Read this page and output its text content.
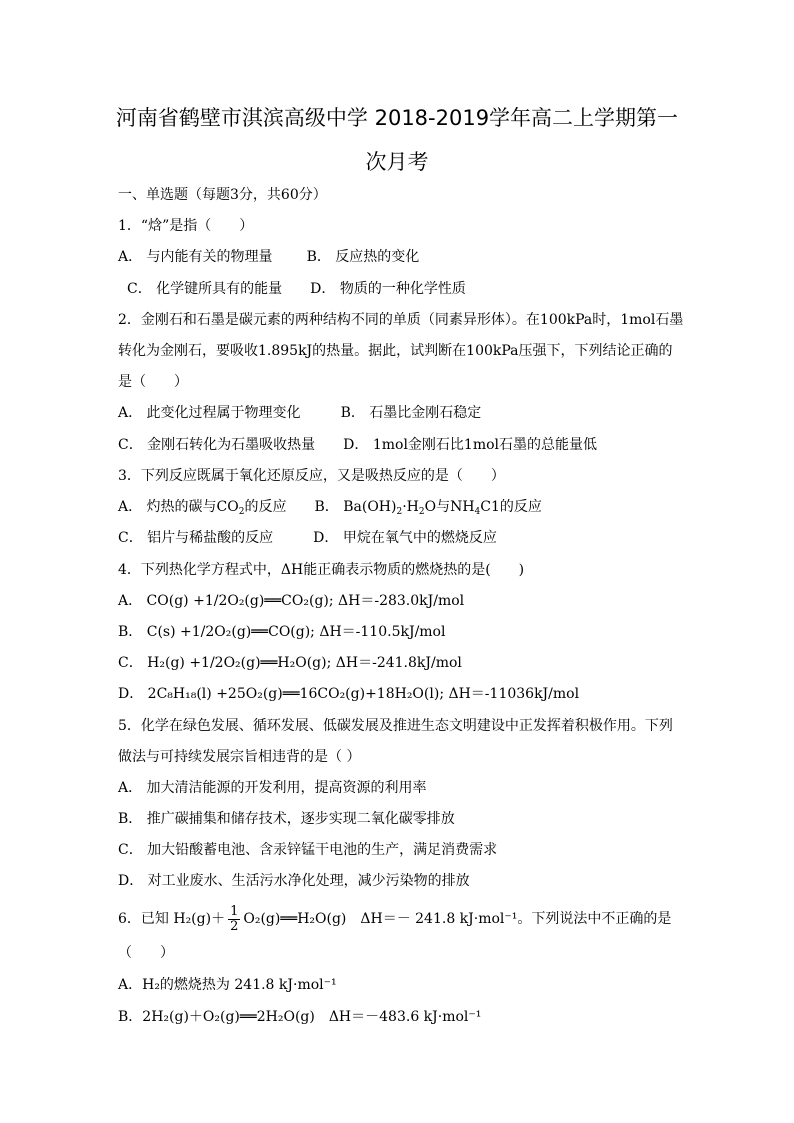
河南省鹤壁市淇滨高级中学 2018-2019学年高二上学期第一
次月考
一、单选题（每题3分，共60分）
1．“焓”是指（　　）
A． 与内能有关的物理量 B． 反应热的变化
C． 化学键所具有的能量 D． 物质的一种化学性质
2．金刚石和石墨是碳元素的两种结构不同的单质（同素异形体）。在100kPa时，1mol石墨
转化为金刚石，要吸收1.895kJ的热量。据此，试判断在100kPa压强下，下列结论正确的
是（　　）
A． 此变化过程属于物理变化	B． 石墨比金刚石稳定
C． 金刚石转化为石墨吸收热量 D． 1mol金刚石比1mol石墨的总能量低
3．下列反应既属于氧化还原反应，又是吸热反应的是（　　）
A． 灼热的碳与$CO_2$的反应 B． $Ba(OH)_2\cdot H_2O$与$NH_4C1$的反应
C． 铝片与稀盐酸的反应	D． 甲烷在氧气中的燃烧反应
4．下列热化学方程式中，ΔH能正确表示物质的燃烧热的是(　　)
A． CO(g) +1/2O₂(g)══CO₂(g); ΔH＝-283.0kJ/mol
B． C(s) +1/2O₂(g)══CO(g); ΔH＝-110.5kJ/mol
C． H₂(g) +1/2O₂(g)══H₂O(g); ΔH＝-241.8kJ/mol
D． 2C₈H₁₈(l) +25O₂(g)══16CO₂(g)+18H₂O(l); ΔH＝-11036kJ/mol
5．化学在绿色发展、循环发展、低碳发展及推进生态文明建设中正发挥着积极作用。下列
做法与可持续发展宗旨相违背的是（ ）
A． 加大清洁能源的开发利用，提高资源的利用率
B． 推广碳捕集和储存技术，逐步实现二氧化碳零排放
C． 加大铅酸蓄电池、含汞锌锰干电池的生产，满足消费需求
D． 对工业废水、生活污水净化处理，减少污染物的排放
6．已知 $H_2(g)+ \frac{1}{2}$ O₂(g)══H₂O(g)　ΔH＝－ 241.8 kJ·mol⁻¹。下列说法中不正确的是
（　　）
A．H₂的燃烧热为 241.8 kJ·mol⁻¹
B．2H₂(g)＋O₂(g)══2H₂O(g)　ΔH＝－483.6 kJ·mol⁻¹
